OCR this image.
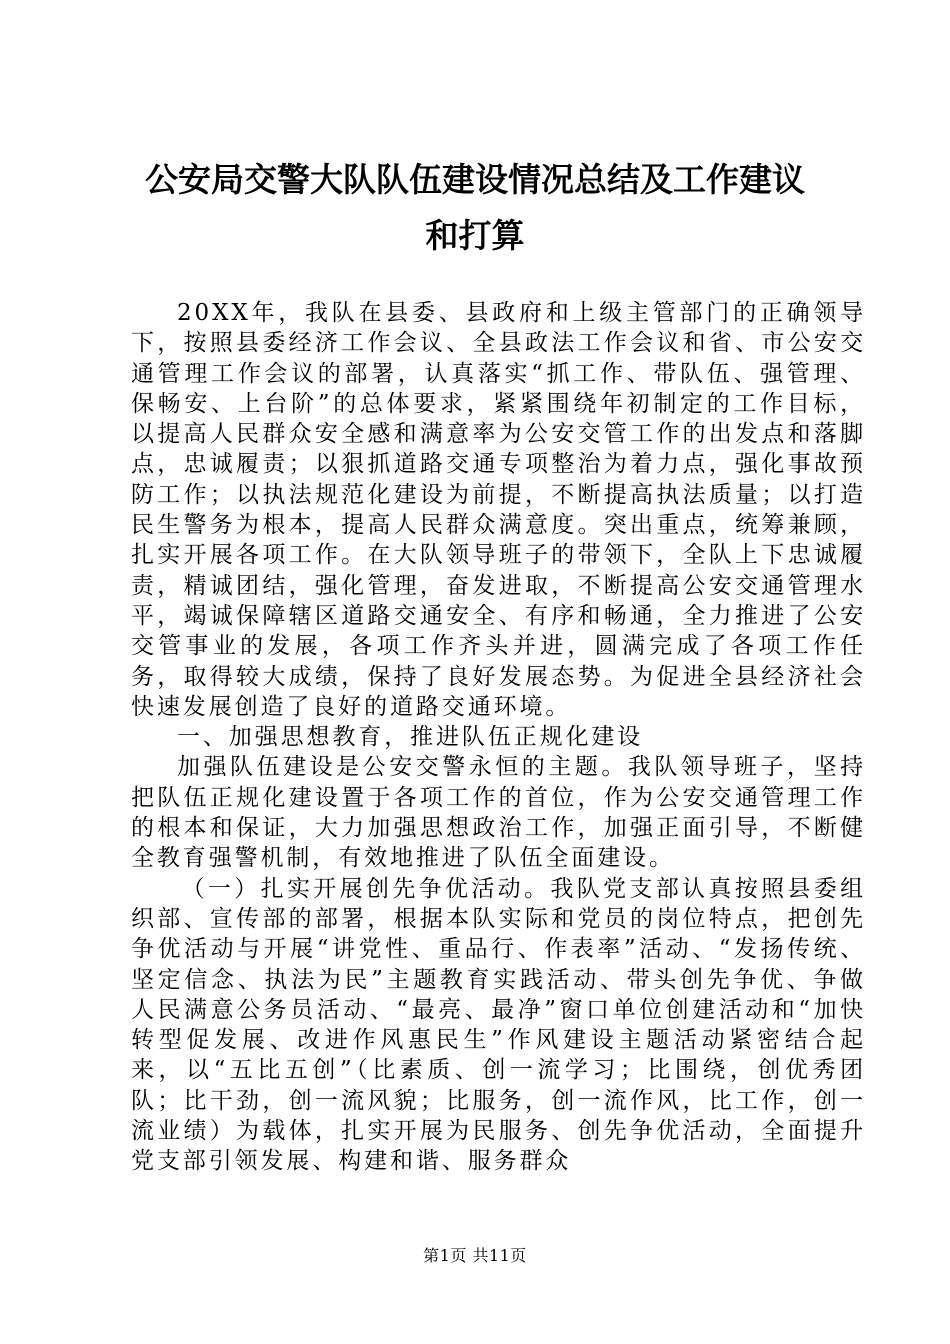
公安局交警大队队伍建设情况总结及工作建议
和打算

20XX年，我队在县委、县政府和上级主管部门的正确领导下，按照县委经济工作会议、全县政法工作会议和省、市公安交通管理工作会议的部署，认真落实“抓工作、带队伍、强管理、保畅安、上台阶”的总体要求，紧紧围绕年初制定的工作目标，以提高人民群众安全感和满意率为公安交管工作的出发点和落脚点，忠诚履责；以狠抓道路交通专项整治为着力点，强化事故预防工作；以执法规范化建设为前提，不断提高执法质量；以打造民生警务为根本，提高人民群众满意度。突出重点，统筹兼顾，扎实开展各项工作。在大队领导班子的带领下，全队上下忠诚履责，精诚团结，强化管理，奋发进取，不断提高公安交通管理水平，竭诚保障辖区道路交通安全、有序和畅通，全力推进了公安交管事业的发展，各项工作齐头并进，圆满完成了各项工作任务，取得较大成绩，保持了良好发展态势。为促进全县经济社会快速发展创造了良好的道路交通环境。

一、加强思想教育，推进队伍正规化建设

加强队伍建设是公安交警永恒的主题。我队领导班子，坚持把队伍正规化建设置于各项工作的首位，作为公安交通管理工作的根本和保证，大力加强思想政治工作，加强正面引导，不断健全教育强警机制，有效地推进了队伍全面建设。

（一）扎实开展创先争优活动。我队党支部认真按照县委组织部、宣传部的部署，根据本队实际和党员的岗位特点，把创先争优活动与开展“讲党性、重品行、作表率”活动、“发扬传统、坚定信念、执法为民”主题教育实践活动、带头创先争优、争做人民满意公务员活动、“最亮、最净”窗口单位创建活动和“加快转型促发展、改进作风惠民生”作风建设主题活动紧密结合起来，以“五比五创”（比素质、创一流学习；比围绕，创优秀团队；比干劲，创一流风貌；比服务，创一流作风，比工作，创一流业绩）为载体，扎实开展为民服务、创先争优活动，全面提升党支部引领发展、构建和谐、服务群众

第1页 共11页
